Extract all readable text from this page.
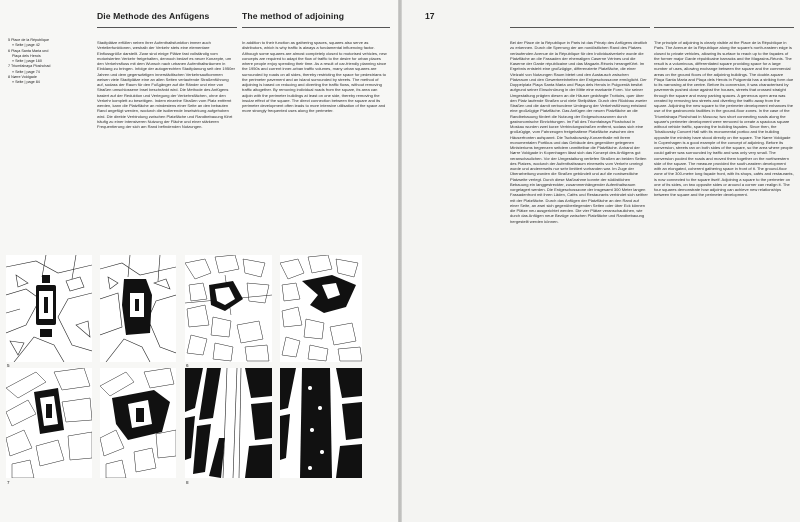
Die Methode des Anfügens	The method of adjoining
5 Place de la République
» Seite | page 42
6 Plaça Santa Maria und
Plaça dels Herois
» Seite | page 160
7 Triumfalnaya Ploshchad
» Seite | page 74
8 Nørre Voldgade
» Seite | page 84

Stadtplätze erfüllen neben ihrer Aufenthaltsfunktion immer auch Verteilerfunktionen, weshalb der Verkehr stets eine elementare Einflussgröße darstellt. Zwar sind einige Plätze fast vollständig vom motorisierten Verkehr freigehalten, dennoch bedarf es neuer Konzepte, um den Verkehrsfluss mit dem Wunsch nach urbanen Aufenthaltsräumen in Einklang zu bringen. Infolge der autogerechten Stadtplanung seit den 1950er Jahren und dem gegenwärtigen innerstädtischen Verkehrsaufkommen weisen viele Stadtplätze eine an allen Seiten verlaufende Straßenführung auf, sodass der Raum für den Fußgänger auf die Ränder und eine von Straßen umschlossene Insel beschränkt wird. Die Methode des Anfügens basiert auf der Reduktion und Verlegung der Verkehrsflächen, ohne den Verkehr komplett zu beseitigen. Indem einzelne Straßen vom Platz entfernt werden, kann die Platzfläche an mindestens einer Seite an den bebauten Rand angefügt werden, wodurch die isolierende Inselwirkung aufgehoben wird. Die direkte Verbindung zwischen Platzfläche und Randbebauung führt häufig zu einer intensiveren Nutzung der Fläche und einer stärkeren Frequentierung der sich am Rand befindenden Nutzungen.

In addition to their function as gathering spaces, squares also serve as distributors, which is why traffic is always a fundamental influencing factor. Although some squares are almost completely closed to motorised vehicles, new concepts are required to adapt the flow of traffic to the desire for urban places where people enjoy spending their time. As a result of car-friendly planning since the 1950s and current inner-urban traffic volumes, many urban squares are surrounded by roads on all sides, thereby restricting the space for pedestrians to the perimeter pavement and an island surrounded by streets. The method of adjoining is based on reducing and diverting the traffic flows, without removing traffic altogether. By removing individual roads from the square, its area can adjoin with the perimeter buildings at least on one side, thereby removing the insular effect of the square. The direct connection between the square and its perimeter development often leads to more intensive utilisation of the space and more strongly frequented uses along the perimeter.

5	6
7	8
17

Bei der Place de la République in Paris ist das Prinzip des Anfügens deutlich zu erkennen. Durch die Sperrung der am nordöstlichen Rand des Platzes verlaufenden Avenue de la République für den Individualverkehr wurde die Platzfläche an die Fassaden der ehemaligen Caserne Vérines und die Kaserne der Garde républicaine und das Magazin-Réunis herangeführt. Im Ergebnis entsteht eine großzügige, differenzierte Platzfläche, die einer Vielzahl von Nutzungen Raum bietet und den Austausch zwischen Platzraum und den Gewerbeeinheiten der Erdgeschosszone ermöglicht. Der Doppelplatz Plaça Santa Maria und Plaça dels Herois in Puigcerdà besitzt aufgrund seiner Einschnürung in der Mitte eine markante Form. Vor seiner Umgestaltung prägten diesen an die Häuser gedrängte Trottoirs, quer über den Platz laufende Straßen und viele Stellplätze. Durch den Rückbau zweier Straßen und die damit verbundene Umlegung der Verkehrsführung entstand eine großzügige Platzfläche. Das Anfügen der neuen Platzfläche an die Randbebauung fördert die Nutzung der Erdgeschosszonen durch gastronomische Einrichtungen. Im Fall des Triumfalnaya Ploshchad in Moskau wurden zwei kurze Verbindungsstraßen entfernt, sodass sich eine großzügige, vom Fahrzeugen freigehaltene Platzfläche zwischen den Häuserfronten aufspannt. Die Tschaikowsky-Konzerthalle mit ihrem monumentalen Portikus und das Gebäude des gegenüber gelegenen Ministeriums begrenzen seitdem unmittelbar die Platzfläche. Anhand der Nørre Voldgade in Kopenhagen lässt sich das Konzept des Anfügens gut veranschaulichen. Vor der Umgestaltung verliefen Straßen an beiden Seiten des Platzes, wodurch der Aufenthaltsraum einerseits vom Verkehr umringt wurde und andererseits nur sehr limitiert vorhanden war. Im Zuge der Überarbeitung wurden die Straßen gebündelt und auf die nordwestliche Platzseite verlegt. Durch diese Maßnahme konnte der südöstlichen Bebauung ein langgestreckter, zusammenhängender Aufenthaltsraum vorgelagert werden. Die Erdgeschosszone der insgesamt 300 Meter langen Fassadenfront mit ihren Läden, Cafés und Restaurants verbindet sich seither mit der Platzfläche. Durch das Anfügen der Platzfläche an den Rand auf einer Seite, an zwei sich gegenüberliegenden Seiten oder über Eck können die Plätze neu ausgerichtet werden. Die vier Plätze veranschaulichen, wie durch das Anfügen neue Bezüge zwischen Platzfläche und Randbebauung hergestellt werden können.

The principle of adjoining is clearly visible at the Place de la République in Paris. The Avenue de la République along the square's north-eastern edge is closed to private vehicles, allowing its surface to reach up to the façades of the former major Garde républicaine barracks and the Magasins-Réunis. The result is a voluminous, differentiated square providing space for a large number of uses, allowing exchange between the square and the commercial areas on the ground floors of the adjoining buildings. The double-square Plaça Santa Maria and Plaça dels Herois in Puigcerdà has a striking form due to its narrowing at the centre. Before its conversion, it was characterised by pavements pushed close against the houses, streets that crossed straight through the square and many parking spaces. A generous open area was created by removing two streets and diverting the traffic away from the square. Adjoining the new square to the perimeter development enhances the use of the gastronomic facilities in the ground-floor zones. In the case of the Triumfalnaya Ploshchad in Moscow, two short connecting roads along the square's perimeter development were removed to create a spacious square without vehicle traffic, spanning the building façades. Since then, the Tchaikovsky Concert Hall with its monumental portico and the building opposite the ministry have stood directly on the square. The Nørre Voldgade in Copenhagen is a good example of the concept of adjoining. Before its conversion, streets ran on both sides of the square, so the area where people could gather was surrounded by traffic and was only very small. The conversion pooled the roads and moved them together on the northwestern side of the square. The measure provided the south-eastern development with an elongated, coherent gathering space in front of it. The ground-floor zone of the 300-metre long façade front, with its shops, cafés and restaurants, is now connected to the square itself. Adjoining a square to the perimeter on one of its sides, on two opposite sides or around a corner can realign it. The four squares demonstrate how adjoining can achieve new relationships between the square and the perimeter development.
